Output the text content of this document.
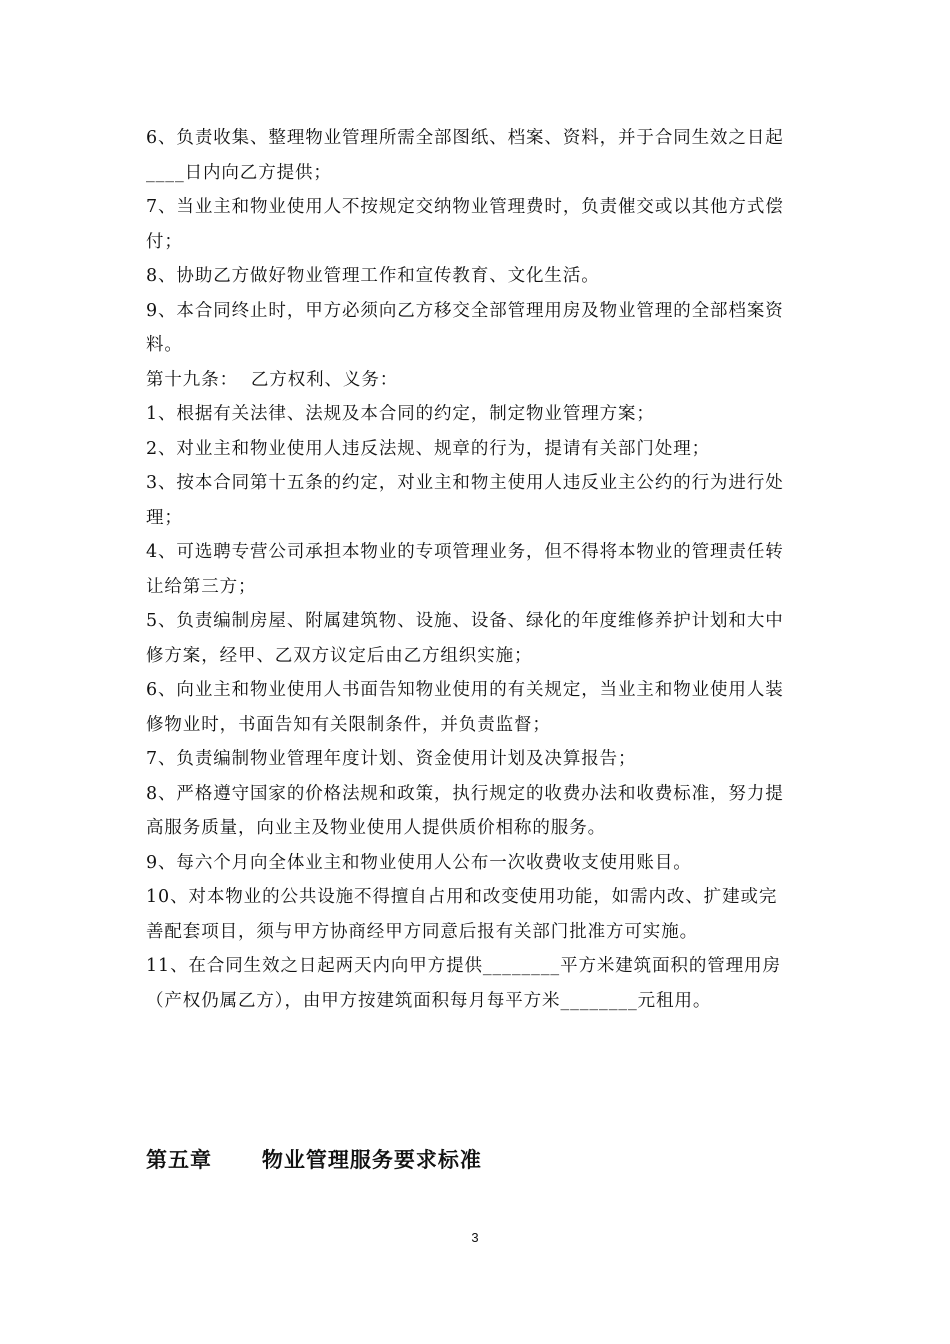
6、负责收集、整理物业管理所需全部图纸、档案、资料，并于合同生效之日起

____日内向乙方提供；

7、当业主和物业使用人不按规定交纳物业管理费时，负责催交或以其他方式偿

付；

8、协助乙方做好物业管理工作和宣传教育、文化生活。

9、本合同终止时，甲方必须向乙方移交全部管理用房及物业管理的全部档案资

料。

第十九条：  乙方权利、义务：

1、根据有关法律、法规及本合同的约定，制定物业管理方案；

2、对业主和物业使用人违反法规、规章的行为，提请有关部门处理；

3、按本合同第十五条的约定，对业主和物主使用人违反业主公约的行为进行处

理；

4、可选聘专营公司承担本物业的专项管理业务，但不得将本物业的管理责任转

让给第三方；

5、负责编制房屋、附属建筑物、设施、设备、绿化的年度维修养护计划和大中

修方案，经甲、乙双方议定后由乙方组织实施；

6、向业主和物业使用人书面告知物业使用的有关规定，当业主和物业使用人装

修物业时，书面告知有关限制条件，并负责监督；

7、负责编制物业管理年度计划、资金使用计划及决算报告；

8、严格遵守国家的价格法规和政策，执行规定的收费办法和收费标准，努力提

高服务质量，向业主及物业使用人提供质价相称的服务。

9、每六个月向全体业主和物业使用人公布一次收费收支使用账目。

10、对本物业的公共设施不得擅自占用和改变使用功能，如需内改、扩建或完

善配套项目，须与甲方协商经甲方同意后报有关部门批准方可实施。

11、在合同生效之日起两天内向甲方提供________平方米建筑面积的管理用房

（产权仍属乙方），由甲方按建筑面积每月每平方米________元租用。

第五章      物业管理服务要求标准
3
